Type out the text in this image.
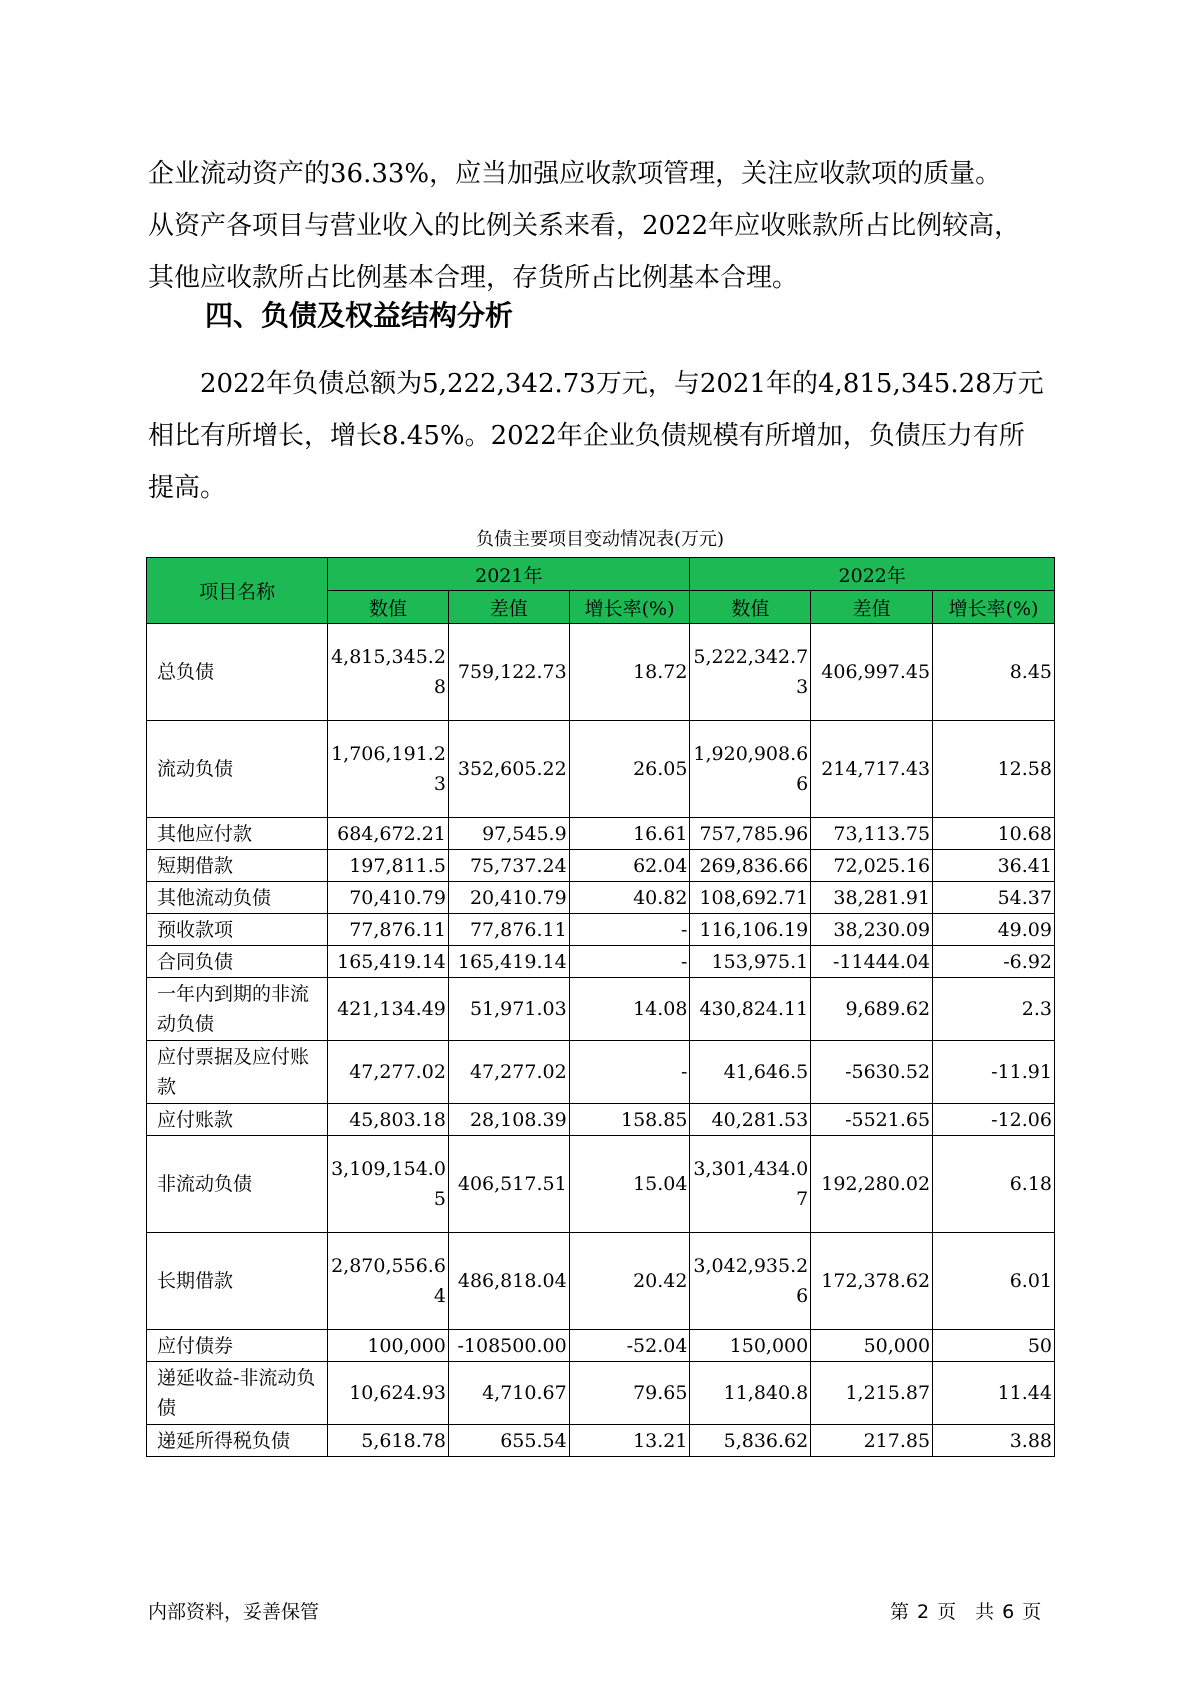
企业流动资产的36.33%，应当加强应收款项管理，关注应收款项的质量。
从资产各项目与营业收入的比例关系来看，2022年应收账款所占比例较高，
其他应收款所占比例基本合理，存货所占比例基本合理。
四、负债及权益结构分析
2022年负债总额为5,222,342.73万元，与2021年的4,815,345.28万元
相比有所增长，增长8.45%。2022年企业负债规模有所增加，负债压力有所
提高。
负债主要项目变动情况表(万元)
项目名称	2021年			2022年		
	数值	差值	增长率(%)	数值	差值	增长率(%)
总负债	4,815,345.28	759,122.73	18.72	5,222,342.73	406,997.45	8.45
流动负债	1,706,191.23	352,605.22	26.05	1,920,908.66	214,717.43	12.58
其他应付款	684,672.21	97,545.9	16.61	757,785.96	73,113.75	10.68
短期借款	197,811.5	75,737.24	62.04	269,836.66	72,025.16	36.41
其他流动负债	70,410.79	20,410.79	40.82	108,692.71	38,281.91	54.37
预收款项	77,876.11	77,876.11	-	116,106.19	38,230.09	49.09
合同负债	165,419.14	165,419.14	-	153,975.1	-11444.04	-6.92
一年内到期的非流动负债	421,134.49	51,971.03	14.08	430,824.11	9,689.62	2.3
应付票据及应付账款	47,277.02	47,277.02	-	41,646.5	-5630.52	-11.91
应付账款	45,803.18	28,108.39	158.85	40,281.53	-5521.65	-12.06
非流动负债	3,109,154.05	406,517.51	15.04	3,301,434.07	192,280.02	6.18
长期借款	2,870,556.64	486,818.04	20.42	3,042,935.26	172,378.62	6.01
应付债券	100,000	-108500.00	-52.04	150,000	50,000	50
递延收益-非流动负债	10,624.93	4,710.67	79.65	11,840.8	1,215.87	11.44
递延所得税负债	5,618.78	655.54	13.21	5,836.62	217.85	3.88
内部资料，妥善保管	第 2 页　共 6 页
